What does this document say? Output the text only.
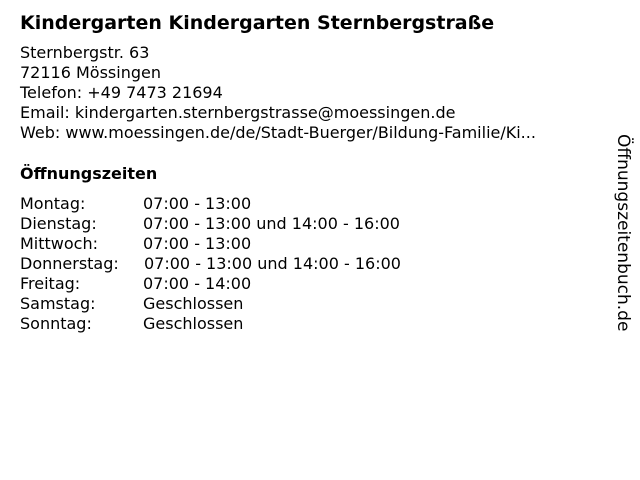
Kindergarten Kindergarten Sternbergstraße
Sternbergstr. 63
72116 Mössingen
Telefon: +49 7473 21694
Email: kindergarten.sternbergstrasse@moessingen.de
Web: www.moessingen.de/de/Stadt-Buerger/Bildung-Familie/Ki...
Öffnungszeiten
Montag:	07:00 - 13:00
Dienstag:	07:00 - 13:00 und 14:00 - 16:00
Mittwoch:	07:00 - 13:00
Donnerstag: 07:00 - 13:00 und 14:00 - 16:00
Freitag:	07:00 - 14:00
Samstag:	Geschlossen
Sonntag:	Geschlossen	Öffnungszeitenbuch.de
